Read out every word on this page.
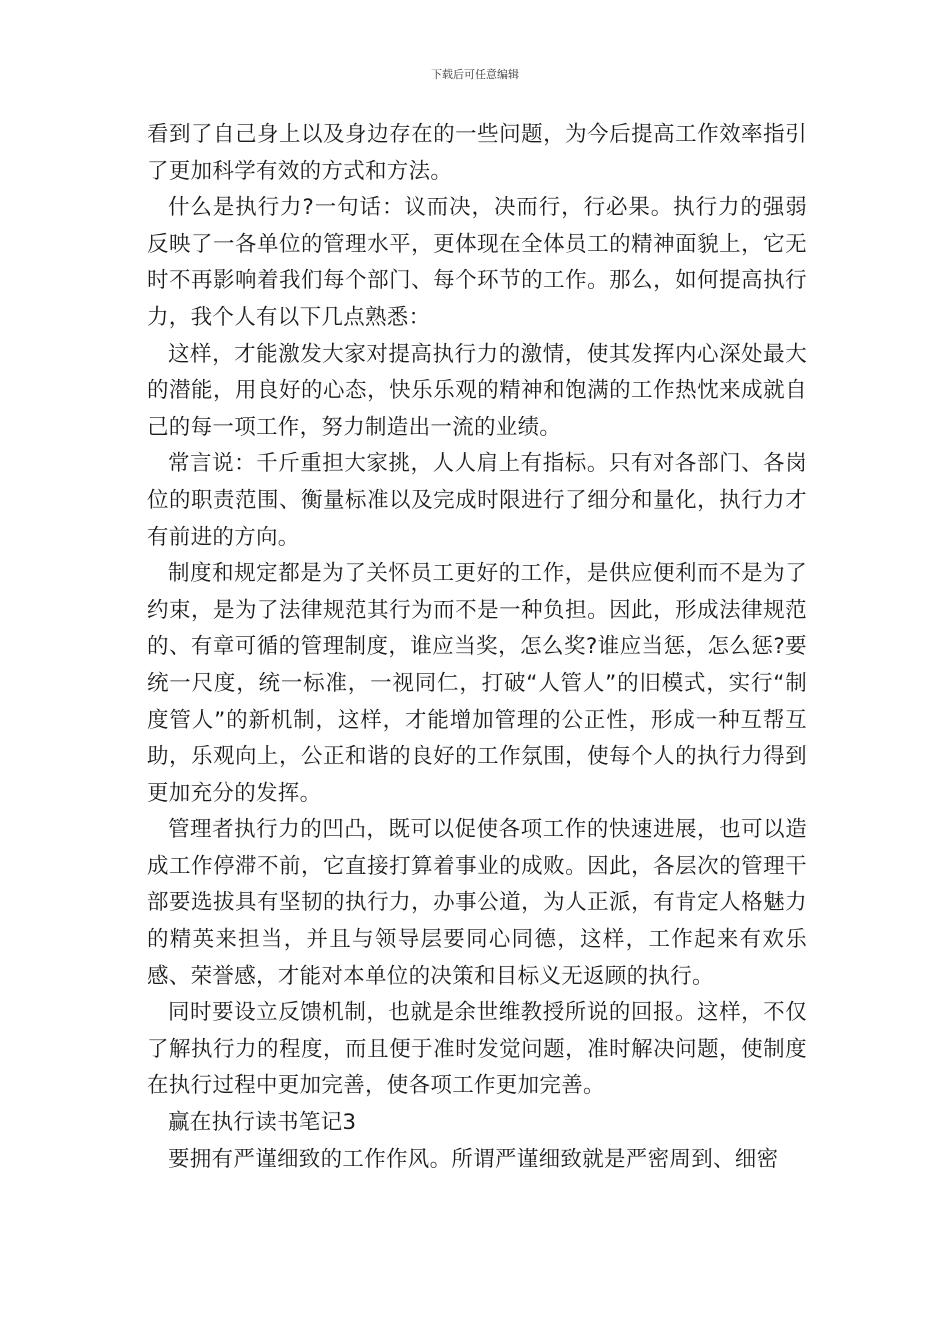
下载后可任意编辑

看到了自己身上以及身边存在的一些问题，为今后提高工作效率指引了更加科学有效的方式和方法。

什么是执行力?一句话：议而决，决而行，行必果。执行力的强弱反映了一各单位的管理水平，更体现在全体员工的精神面貌上，它无时不再影响着我们每个部门、每个环节的工作。那么，如何提高执行力，我个人有以下几点熟悉：

这样，才能激发大家对提高执行力的激情，使其发挥内心深处最大的潜能，用良好的心态，快乐乐观的精神和饱满的工作热忱来成就自己的每一项工作，努力制造出一流的业绩。

常言说：千斤重担大家挑，人人肩上有指标。只有对各部门、各岗位的职责范围、衡量标准以及完成时限进行了细分和量化，执行力才有前进的方向。

制度和规定都是为了关怀员工更好的工作，是供应便利而不是为了约束，是为了法律规范其行为而不是一种负担。因此，形成法律规范的、有章可循的管理制度，谁应当奖，怎么奖?谁应当惩，怎么惩?要统一尺度，统一标准，一视同仁，打破“人管人”的旧模式，实行“制度管人”的新机制，这样，才能增加管理的公正性，形成一种互帮互助，乐观向上，公正和谐的良好的工作氛围，使每个人的执行力得到更加充分的发挥。

管理者执行力的凹凸，既可以促使各项工作的快速进展，也可以造成工作停滞不前，它直接打算着事业的成败。因此，各层次的管理干部要选拔具有坚韧的执行力，办事公道，为人正派，有肯定人格魅力的精英来担当，并且与领导层要同心同德，这样，工作起来有欢乐感、荣誉感，才能对本单位的决策和目标义无返顾的执行。

同时要设立反馈机制，也就是余世维教授所说的回报。这样，不仅了解执行力的程度，而且便于准时发觉问题，准时解决问题，使制度在执行过程中更加完善，使各项工作更加完善。

赢在执行读书笔记3

要拥有严谨细致的工作作风。所谓严谨细致就是严密周到、细密
